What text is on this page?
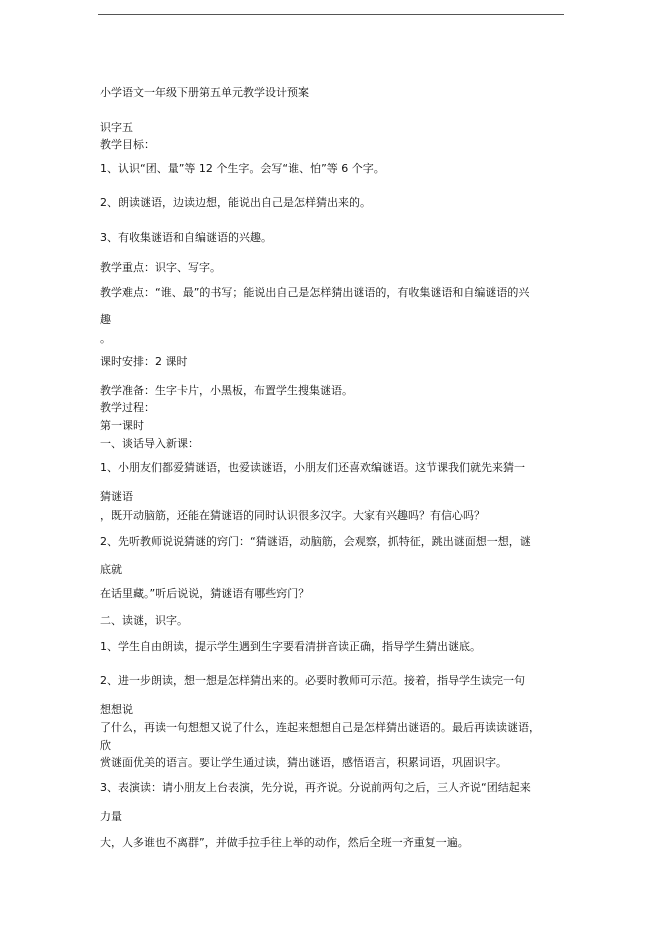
小学语文一年级下册第五单元教学设计预案
识字五
教学目标：
1、认识“团、量”等 12 个生字。会写“谁、怕”等 6 个字。
2、朗读谜语，边读边想，能说出自己是怎样猜出来的。
3、有收集谜语和自编谜语的兴趣。
教学重点：识字、写字。
教学难点：“谁、最”的书写；能说出自己是怎样猜出谜语的，有收集谜语和自编谜语的兴
趣
。
课时安排：2 课时
教学准备：生字卡片，小黑板，布置学生搜集谜语。
教学过程：
第一课时
一、谈话导入新课：
1、小朋友们都爱猜谜语，也爱读谜语，小朋友们还喜欢编谜语。这节课我们就先来猜一
猜谜语
，既开动脑筋，还能在猜谜语的同时认识很多汉字。大家有兴趣吗？有信心吗？
2、先听教师说说猜谜的窍门：“猜谜语，动脑筋，会观察，抓特征，跳出谜面想一想，谜
底就
在话里藏。”听后说说，猜谜语有哪些窍门？
二、读谜，识字。
1、学生自由朗读，提示学生遇到生字要看清拼音读正确，指导学生猜出谜底。
2、进一步朗读，想一想是怎样猜出来的。必要时教师可示范。接着，指导学生读完一句
想想说
了什么，再读一句想想又说了什么，连起来想想自己是怎样猜出谜语的。最后再读读谜语，
欣
赏谜面优美的语言。要让学生通过读，猜出谜语，感悟语言，积累词语，巩固识字。
3、表演读：请小朋友上台表演，先分说，再齐说。分说前两句之后，三人齐说“团结起来
力量
大，人多谁也不离群”，并做手拉手往上举的动作，然后全班一齐重复一遍。
